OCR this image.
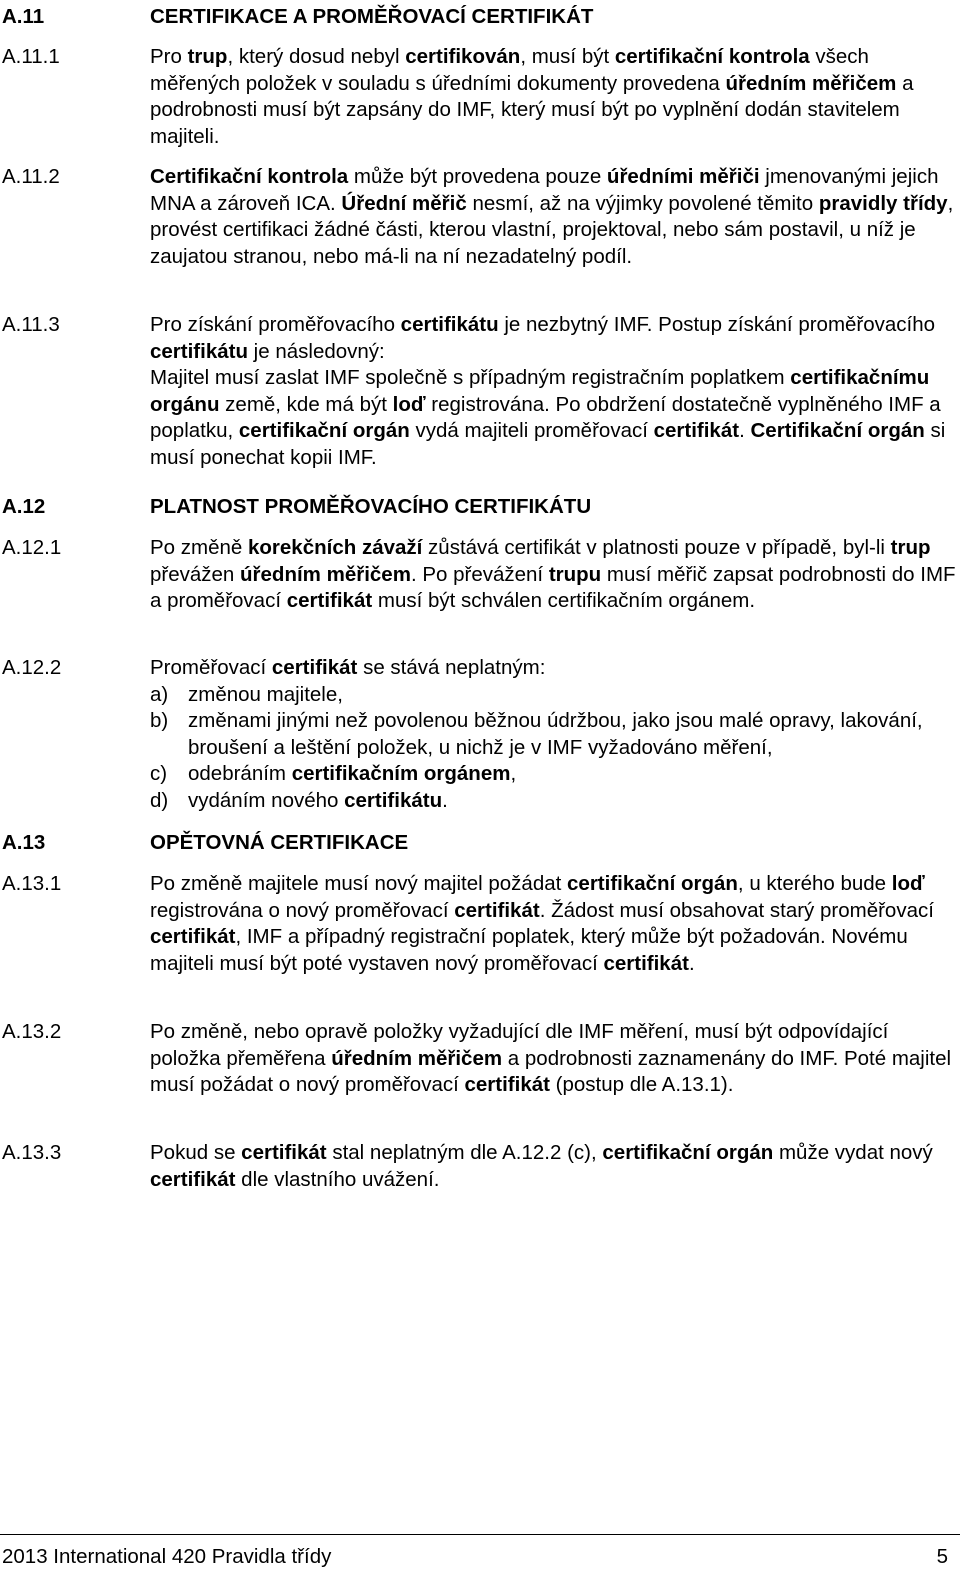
A.11	CERTIFIKACE A PROMĚŘOVACÍ CERTIFIKÁT
A.11.1	Pro trup, který dosud nebyl certifikován, musí být certifikační kontrola všech měřených položek v souladu s úředními dokumenty provedena úředním měřičem a podrobnosti musí být zapsány do IMF, který musí být po vyplnění dodán stavitelem majiteli.

A.11.2	Certifikační kontrola může být provedena pouze úředními měřiči jmenovanými jejich MNA a zároveň ICA. Úřední měřič nesmí, až na výjimky povolené těmito pravidly třídy, provést certifikaci žádné části, kterou vlastní, projektoval, nebo sám postavil, u níž je zaujatou stranou, nebo má-li na ní nezadatelný podíl.

A.11.3	Pro získání proměřovacího certifikátu je nezbytný IMF. Postup získání proměřovacího certifikátu je následovný:
Majitel musí zaslat IMF společně s případným registračním poplatkem certifikačnímu orgánu země, kde má být loď registrována. Po obdržení dostatečně vyplněného IMF a poplatku, certifikační orgán vydá majiteli proměřovací certifikát. Certifikační orgán si musí ponechat kopii IMF.

A.12	PLATNOST PROMĚŘOVACÍHO CERTIFIKÁTU
A.12.1	Po změně korekčních závaží zůstává certifikát v platnosti pouze v případě, byl-li trup převážen úředním měřičem. Po převážení trupu musí měřič zapsat podrobnosti do IMF a proměřovací certifikát musí být schválen certifikačním orgánem.

A.12.2	Proměřovací certifikát se stává neplatným:

a) změnou majitele,
b) změnami jinými než povolenou běžnou údržbou, jako jsou malé opravy, lakování, broušení a leštění položek, u nichž je v IMF vyžadováno měření,
c) odebráním certifikačním orgánem,
d) vydáním nového certifikátu.
A.13	OPĚTOVNÁ CERTIFIKACE
A.13.1	Po změně majitele musí nový majitel požádat certifikační orgán, u kterého bude loď registrována o nový proměřovací certifikát. Žádost musí obsahovat starý proměřovací certifikát, IMF a případný registrační poplatek, který může být požadován. Novému majiteli musí být poté vystaven nový proměřovací certifikát.

A.13.2	Po změně, nebo opravě položky vyžadující dle IMF měření, musí být odpovídající položka přeměřena úředním měřičem a podrobnosti zaznamenány do IMF. Poté majitel musí požádat o nový proměřovací certifikát (postup dle A.13.1).

A.13.3	Pokud se certifikát stal neplatným dle A.12.2 (c), certifikační orgán může vydat nový certifikát dle vlastního uvážení.

2013 International 420 Pravidla třídy	5
